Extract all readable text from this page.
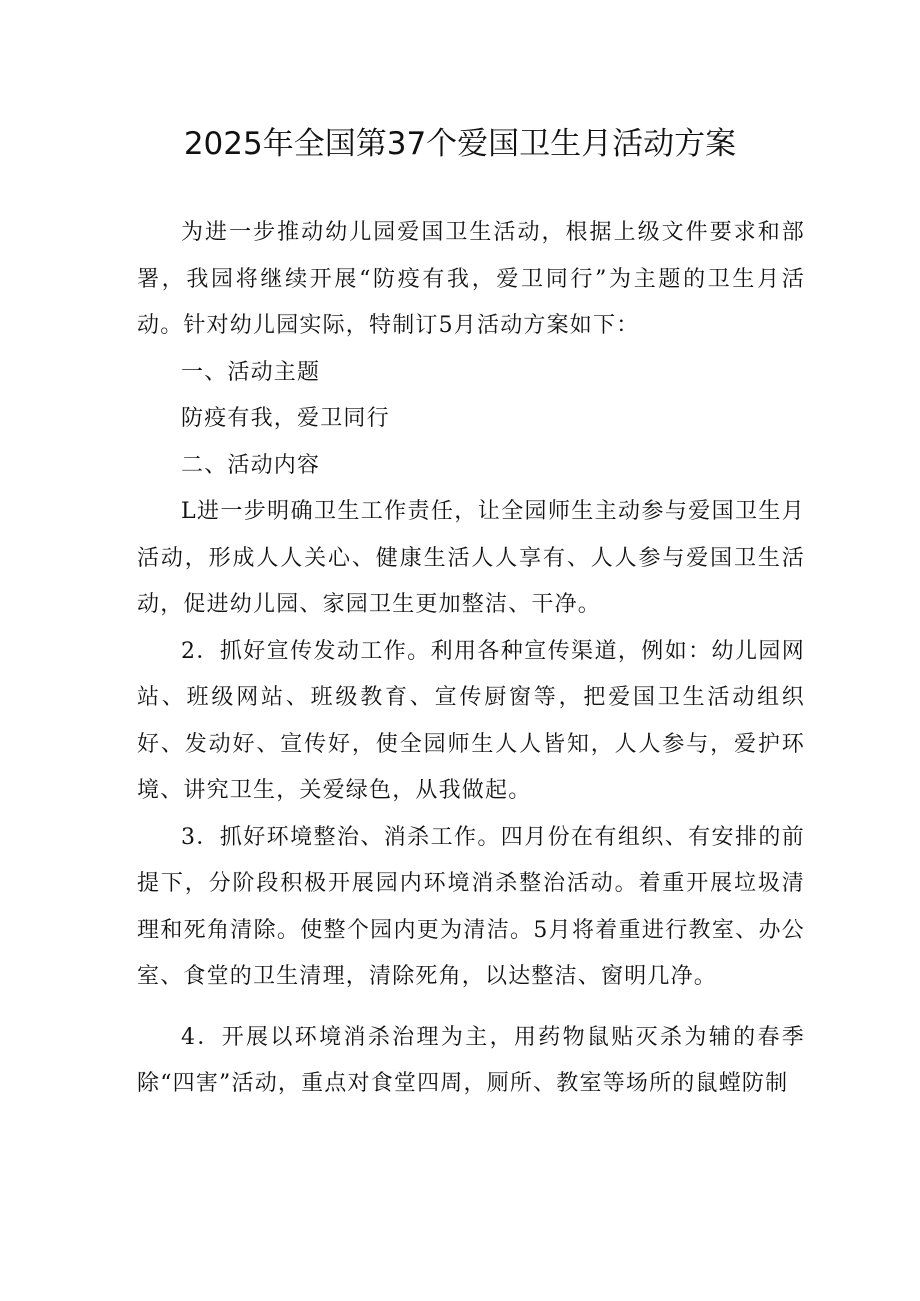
2025年全国第37个爱国卫生月活动方案

为进一步推动幼儿园爱国卫生活动，根据上级文件要求和部署，我园将继续开展“防疫有我，爱卫同行”为主题的卫生月活动。针对幼儿园实际，特制订5月活动方案如下：

一、活动主题

防疫有我，爱卫同行

二、活动内容

L进一步明确卫生工作责任，让全园师生主动参与爱国卫生月活动，形成人人关心、健康生活人人享有、人人参与爱国卫生活动，促进幼儿园、家园卫生更加整洁、干净。

2．抓好宣传发动工作。利用各种宣传渠道，例如：幼儿园网站、班级网站、班级教育、宣传厨窗等，把爱国卫生活动组织好、发动好、宣传好，使全园师生人人皆知，人人参与，爱护环境、讲究卫生，关爱绿色，从我做起。

3．抓好环境整治、消杀工作。四月份在有组织、有安排的前提下，分阶段积极开展园内环境消杀整治活动。着重开展垃圾清理和死角清除。使整个园内更为清洁。5月将着重进行教室、办公室、食堂的卫生清理，清除死角，以达整洁、窗明几净。

4．开展以环境消杀治理为主，用药物鼠贴灭杀为辅的春季除“四害”活动，重点对食堂四周，厕所、教室等场所的鼠螳防制
